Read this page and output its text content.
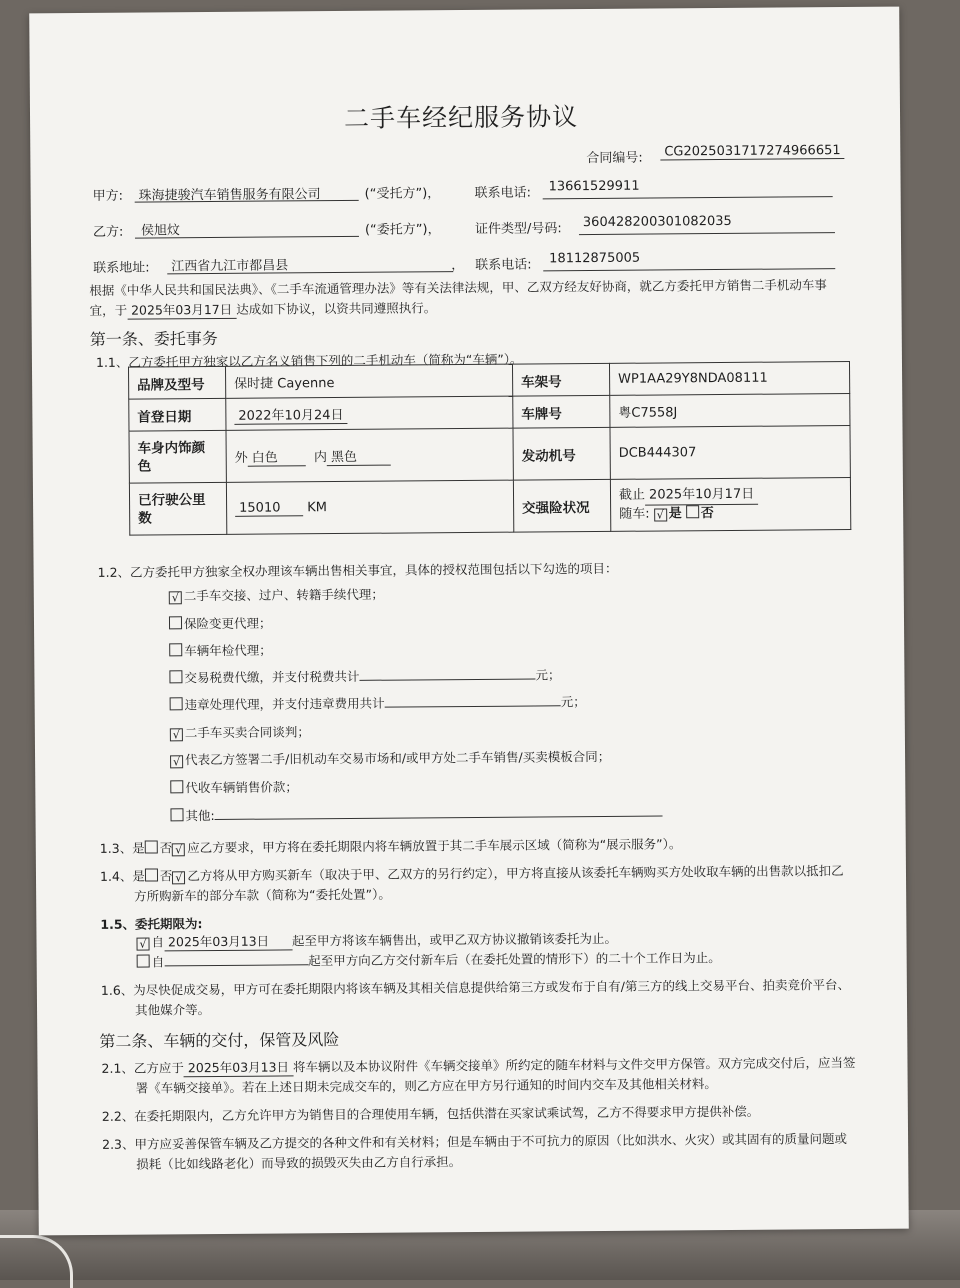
二手车经纪服务协议
合同编号:	CG2025031717274966651
甲方: 珠海捷骏汽车销售服务有限公司	(“受托方”)，	联系电话: 13661529911
乙方: 侯旭炆	(“委托方”)，	证件类型/号码: 360428200301082035
联系地址: 江西省九江市都昌县	， 联系电话: 18112875005
根据《中华人民共和国民法典》、《二手车流通管理办法》等有关法律法规，甲、乙双方经友好协商，就乙方委托甲方销售二手机动车事
宜，于 2025年03月17日 达成如下协议，以资共同遵照执行。
第一条、委托事务
1.1、乙方委托甲方独家以乙方名义销售下列的二手机动车（简称为“车辆”）。
品牌及型号	保时捷 Cayenne	车架号	WP1AA29Y8NDA08111
首登日期	2022年10月24日	车牌号	粤C7558J
车身内饰颜色	外 白色 内 黑色	发动机号	DCB444307
已行驶公里数	15010 KM	交强险状况	截止 2025年10月17日
随车: √ 是 否
1.2、乙方委托甲方独家全权办理该车辆出售相关事宜，具体的授权范围包括以下勾选的项目：
√ 二手车交接、过户、转籍手续代理；
保险变更代理；
车辆年检代理；
交易税费代缴，并支付税费共计	元；
违章处理代理，并支付违章费用共计	元；
√ 二手车买卖合同谈判；
√ 代表乙方签署二手/旧机动车交易市场和/或甲方处二手车销售/买卖模板合同；
代收车辆销售价款；
其他:
1.3、是 否 √ 应乙方要求，甲方将在委托期限内将车辆放置于其二手车展示区域（简称为“展示服务”）。
1.4、是 否 √ 乙方将从甲方购买新车（取决于甲、乙双方的另行约定），甲方将直接从该委托车辆购买方处收取车辆的出售款以抵扣乙
方所购新车的部分车款（简称为“委托处置”）。
1.5、委托期限为:
√ 自 2025年03月13日 起至甲方将该车辆售出，或甲乙双方协议撤销该委托为止。
自	起至甲方向乙方交付新车后（在委托处置的情形下）的二十个工作日为止。
1.6、为尽快促成交易，甲方可在委托期限内将该车辆及其相关信息提供给第三方或发布于自有/第三方的线上交易平台、拍卖竞价平台、
其他媒介等。
第二条、车辆的交付，保管及风险
2.1、乙方应于 2025年03月13日 将车辆以及本协议附件《车辆交接单》所约定的随车材料与文件交甲方保管。双方完成交付后，应当签
署《车辆交接单》。若在上述日期未完成交车的，则乙方应在甲方另行通知的时间内交车及其他相关材料。
2.2、在委托期限内，乙方允许甲方为销售目的合理使用车辆，包括供潜在买家试乘试驾，乙方不得要求甲方提供补偿。
2.3、甲方应妥善保管车辆及乙方提交的各种文件和有关材料；但是车辆由于不可抗力的原因（比如洪水、火灾）或其固有的质量问题或
损耗（比如线路老化）而导致的损毁灭失由乙方自行承担。
